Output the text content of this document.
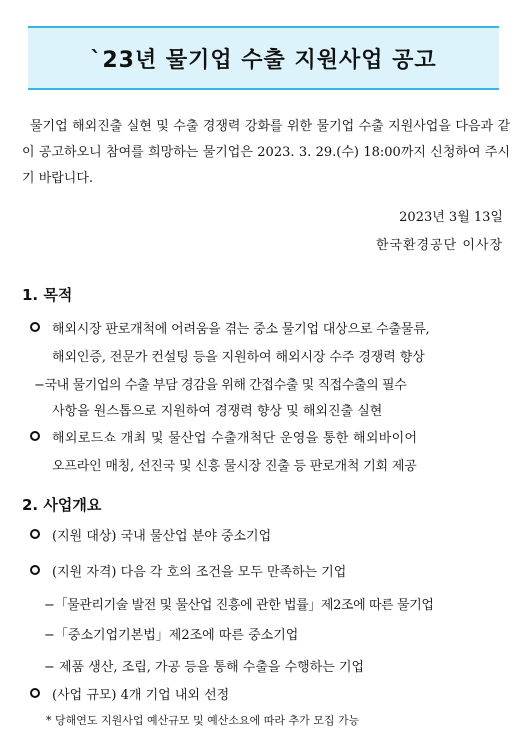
`23년 물기업 수출 지원사업 공고
물기업 해외진출 실현 및 수출 경쟁력 강화를 위한 물기업 수출 지원사업을 다음과 같이 공고하오니 참여를 희망하는 물기업은 2023. 3. 29.(수) 18:00까지 신청하여 주시기 바랍니다.
2023년 3월 13일
한국환경공단 이사장
1. 목적
해외시장 판로개척에 어려움을 겪는 중소 물기업 대상으로 수출물류,
해외인증, 전문가 컨설팅 등을 지원하여 해외시장 수주 경쟁력 향상
−국내 물기업의 수출 부담 경감을 위해 간접수출 및 직접수출의 필수
사항을 원스톱으로 지원하여 경쟁력 향상 및 해외진출 실현
해외로드쇼 개최 및 물산업 수출개척단 운영을 통한 해외바이어
오프라인 매칭, 선진국 및 신흥 물시장 진출 등 판로개척 기회 제공
2. 사업개요
(지원 대상) 국내 물산업 분야 중소기업
(지원 자격) 다음 각 호의 조건을 모두 만족하는 기업
−「물관리기술 발전 및 물산업 진흥에 관한 법률」제2조에 따른 물기업
−「중소기업기본법」제2조에 따른 중소기업
− 제품 생산, 조립, 가공 등을 통해 수출을 수행하는 기업
(사업 규모) 4개 기업 내외 선정
* 당해연도 지원사업 예산규모 및 예산소요에 따라 추가 모집 가능
